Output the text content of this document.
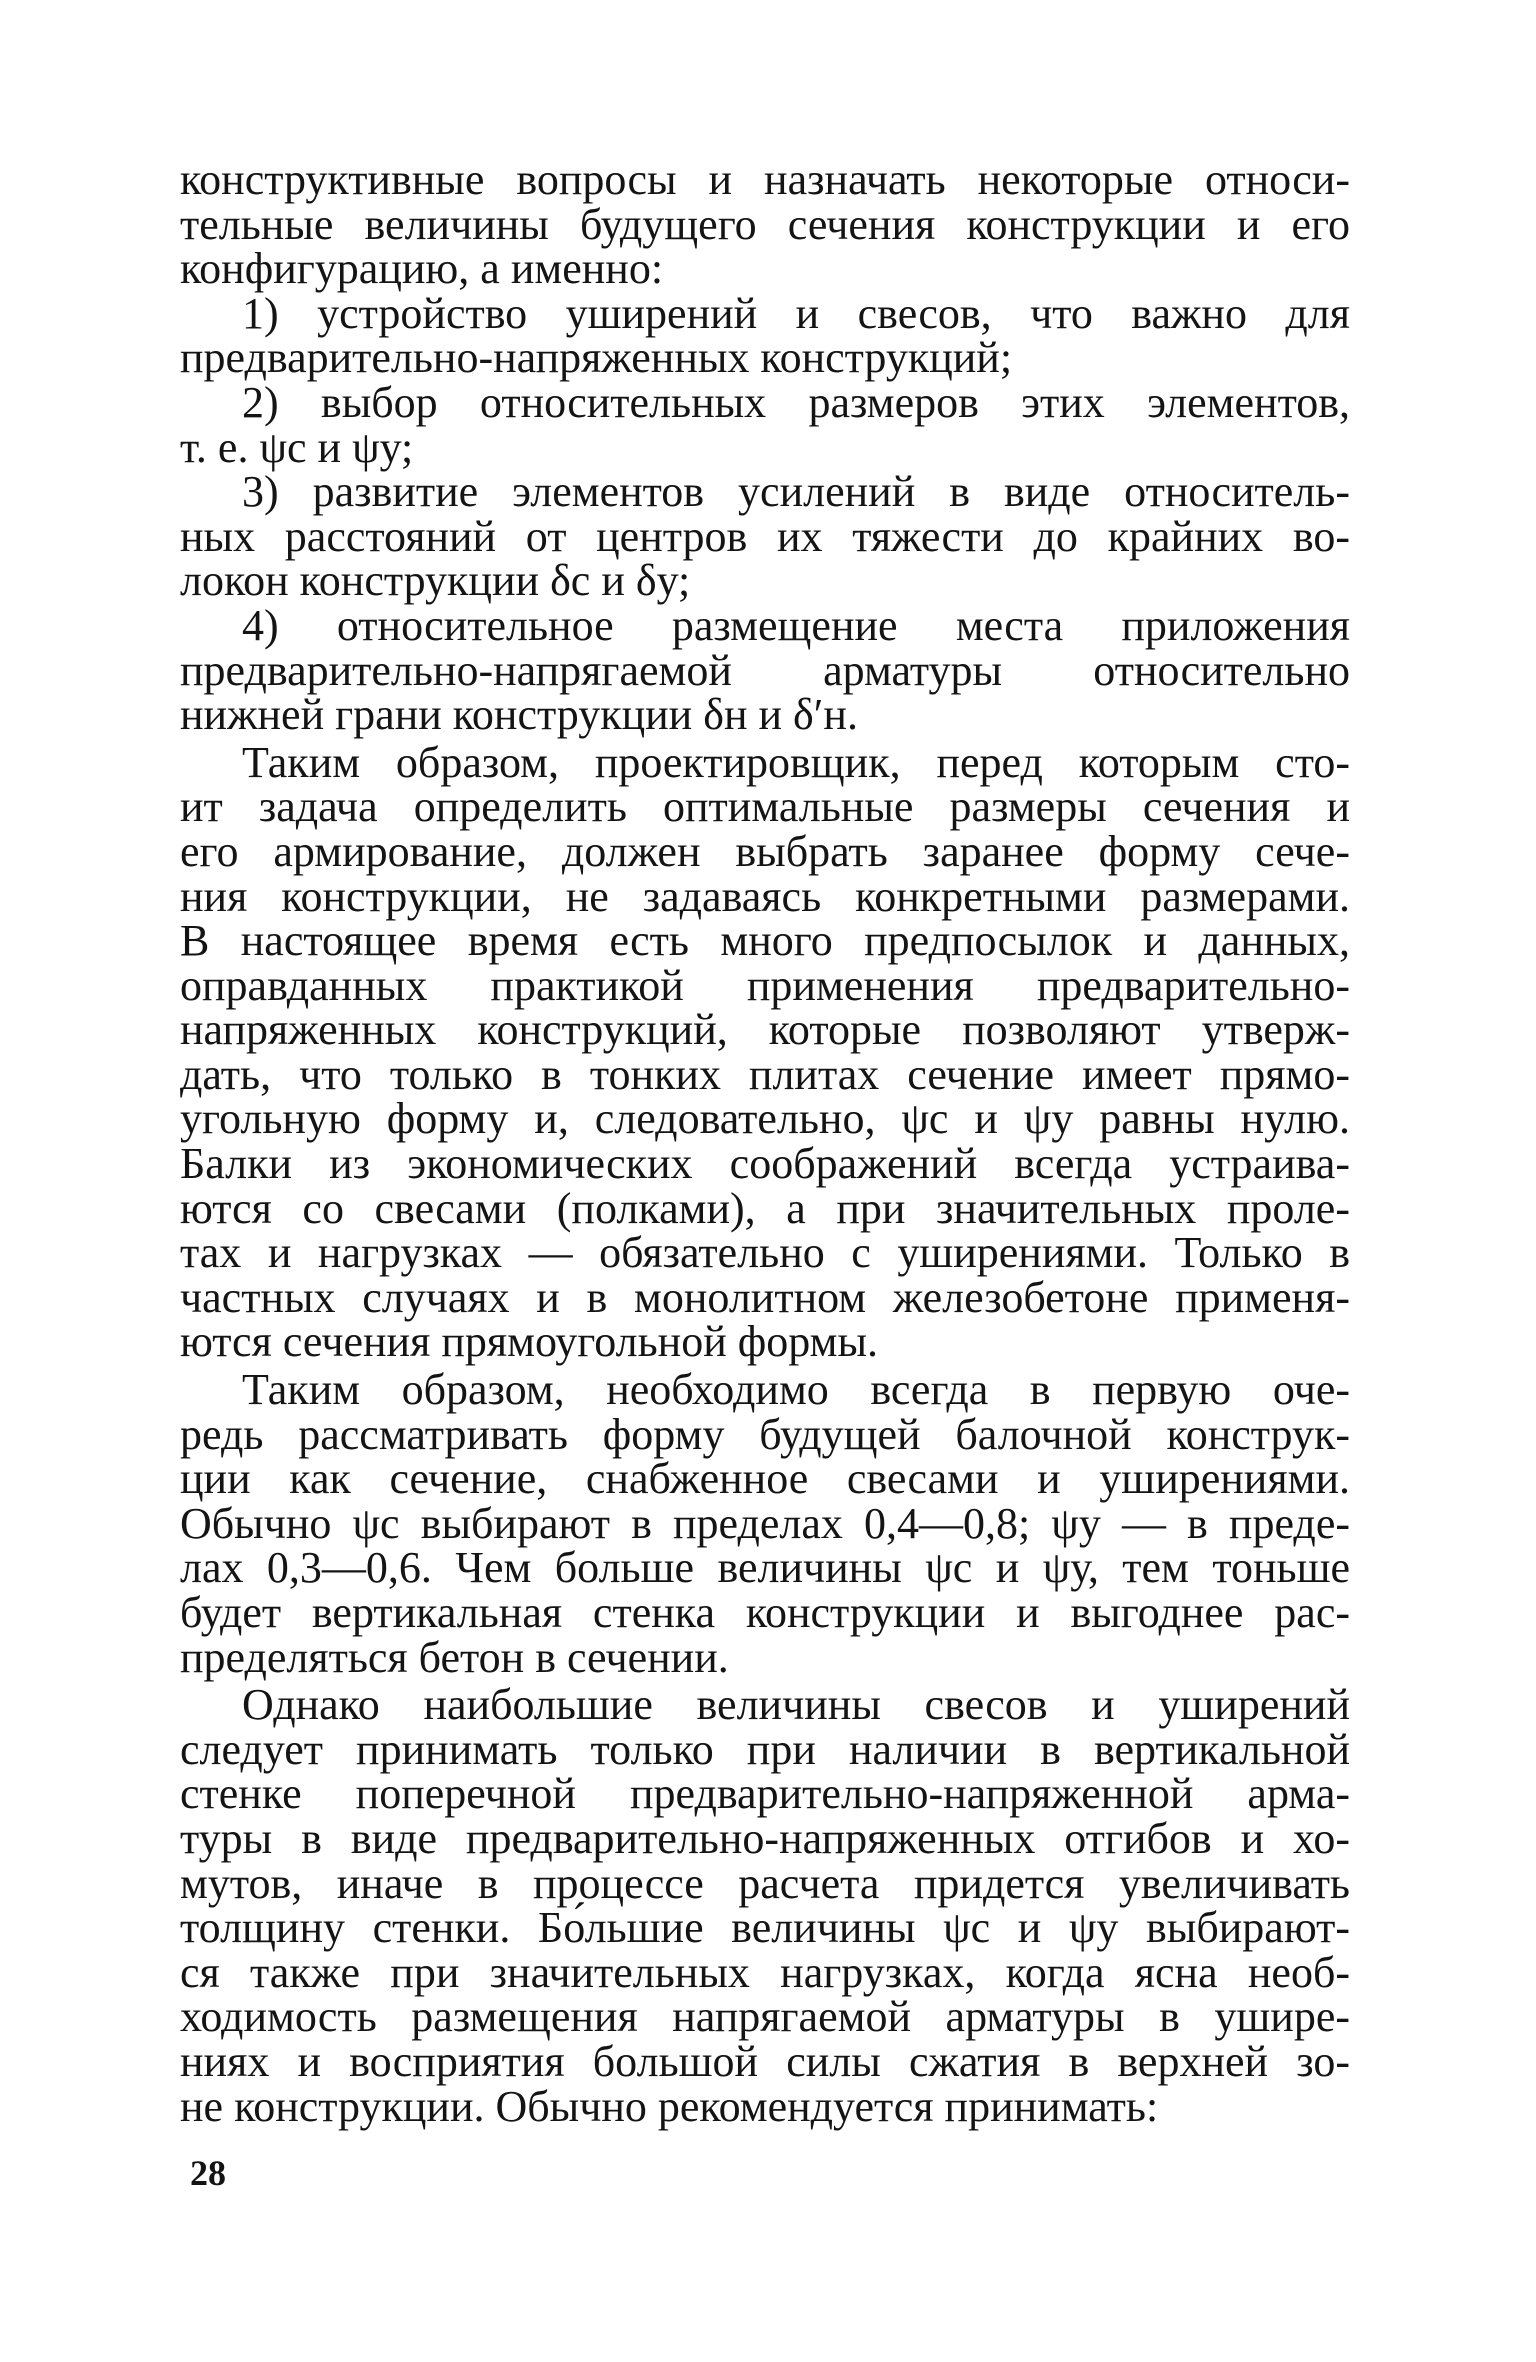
конструктивные вопросы и назначать некоторые относи-
тельные величины будущего сечения конструкции и его
конфигурацию, а именно:
1) устройство уширений и свесов, что важно для
предварительно-напряженных конструкций;
2) выбор относительных размеров этих элементов,
т. е. ψс и ψу;
3) развитие элементов усилений в виде относитель-
ных расстояний от центров их тяжести до крайних во-
локон конструкции δс и δу;
4) относительное размещение места приложения
предварительно-напрягаемой арматуры относительно
нижней грани конструкции δн и δ′н.
Таким образом, проектировщик, перед которым сто-
ит задача определить оптимальные размеры сечения и
его армирование, должен выбрать заранее форму сече-
ния конструкции, не задаваясь конкретными размерами.
В настоящее время есть много предпосылок и данных,
оправданных практикой применения предварительно-
напряженных конструкций, которые позволяют утверж-
дать, что только в тонких плитах сечение имеет прямо-
угольную форму и, следовательно, ψс и ψу равны нулю.
Балки из экономических соображений всегда устраива-
ются со свесами (полками), а при значительных проле-
тах и нагрузках — обязательно с уширениями. Только в
частных случаях и в монолитном железобетоне применя-
ются сечения прямоугольной формы.
Таким образом, необходимо всегда в первую оче-
редь рассматривать форму будущей балочной конструк-
ции как сечение, снабженное свесами и уширениями.
Обычно ψс выбирают в пределах 0,4—0,8; ψу — в преде-
лах 0,3—0,6. Чем больше величины ψс и ψу, тем тоньше
будет вертикальная стенка конструкции и выгоднее рас-
пределяться бетон в сечении.
Однако наибольшие величины свесов и уширений
следует принимать только при наличии в вертикальной
стенке поперечной предварительно-напряженной арма-
туры в виде предварительно-напряженных отгибов и хо-
мутов, иначе в процессе расчета придется увеличивать
толщину стенки. Бо́льшие величины ψс и ψу выбирают-
ся также при значительных нагрузках, когда ясна необ-
ходимость размещения напрягаемой арматуры в ушире-
ниях и восприятия большой силы сжатия в верхней зо-
не конструкции. Обычно рекомендуется принимать:
28
